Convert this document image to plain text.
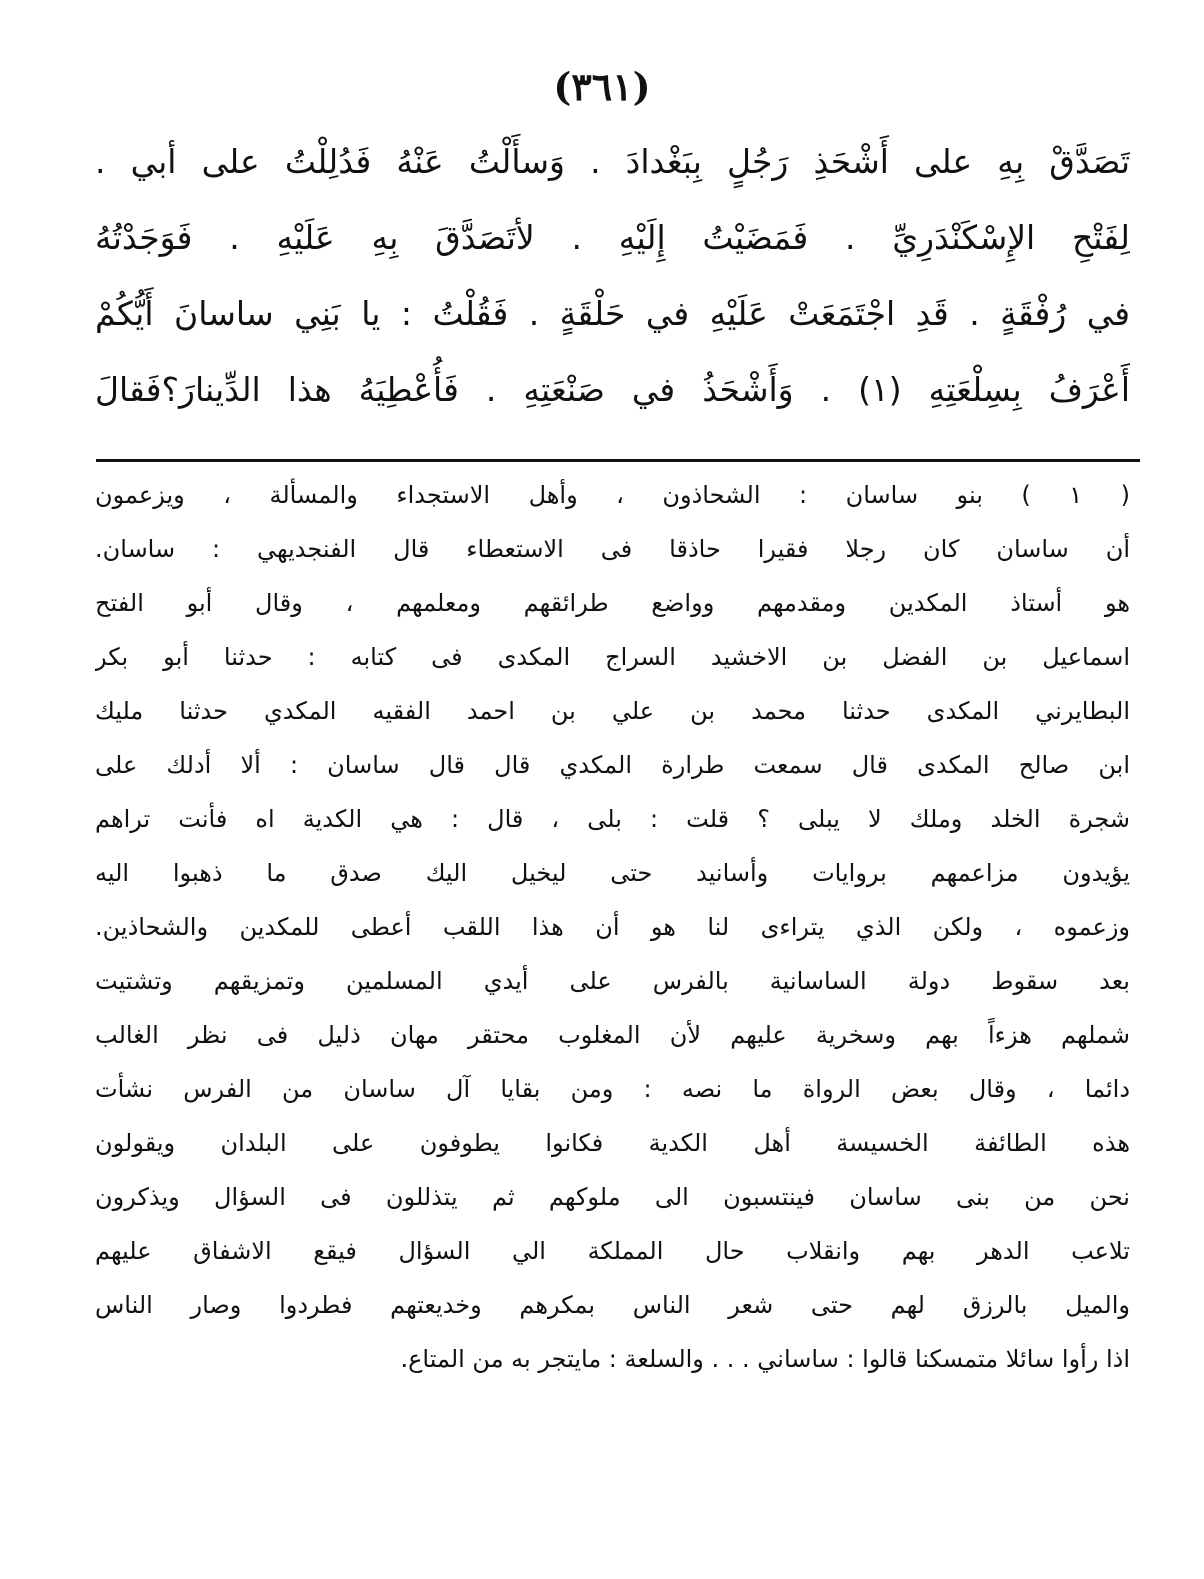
(٣٦١)
تَصَدَّقْ بِهِ على أَشْحَذِ رَجُلٍ بِبَغْدادَ . وَسأَلْتُ عَنْهُ فَدُلِلْتُ على أبي .
لِفَتْحِ الإِسْكَنْدَرِيِّ . فَمَضَيْتُ إِلَيْهِ . لأتَصَدَّقَ بِهِ عَلَيْهِ . فَوَجَدْتُهُ
في رُفْقَةٍ . قَدِ اجْتَمَعَتْ عَلَيْهِ في حَلْقَةٍ . فَقُلْتُ : يا بَنِي ساسانَ أَيُّكُمْ
أَعْرَفُ بِسِلْعَتِهِ (١) . وَأَشْحَذُ في صَنْعَتِهِ . فَأُعْطِيَهُ هذا الدِّينارَ؟فَقالَ
( ١ ) بنو ساسان : الشحاذون ، وأهل الاستجداء والمسألة ، ويزعمون
أن ساسان كان رجلا فقيرا حاذقا فى الاستعطاء قال الفنجديهي : ساسان.
هو أستاذ المكدين ومقدمهم وواضع طرائقهم ومعلمهم ، وقال أبو الفتح
اسماعيل بن الفضل بن الاخشيد السراج المكدى فى كتابه : حدثنا أبو بكر
البطايرني المكدى حدثنا محمد بن علي بن احمد الفقيه المكدي حدثنا مليك
ابن صالح المكدى قال سمعت طرارة المكدي قال قال ساسان : ألا أدلك على
شجرة الخلد وملك لا يبلى ؟ قلت : بلى ، قال : هي الكدية اه فأنت تراهم
يؤيدون مزاعمهم بروايات وأسانيد حتى ليخيل اليك صدق ما ذهبوا اليه
وزعموه ، ولكن الذي يتراءى لنا هو أن هذا اللقب أعطى للمكدين والشحاذين.
بعد سقوط دولة الساسانية بالفرس على أيدي المسلمين وتمزيقهم وتشتيت
شملهم هزءاً بهم وسخرية عليهم لأن المغلوب محتقر مهان ذليل فى نظر الغالب
دائما ، وقال بعض الرواة ما نصه : ومن بقايا آل ساسان من الفرس نشأت
هذه الطائفة الخسيسة أهل الكدية فكانوا يطوفون على البلدان ويقولون
نحن من بنى ساسان فينتسبون الى ملوكهم ثم يتذللون فى السؤال ويذكرون
تلاعب الدهر بهم وانقلاب حال المملكة الي السؤال فيقع الاشفاق عليهم
والميل بالرزق لهم حتى شعر الناس بمكرهم وخديعتهم فطردوا وصار الناس
اذا رأوا سائلا متمسكنا قالوا : ساساني . . . والسلعة : مايتجر به من المتاع.
